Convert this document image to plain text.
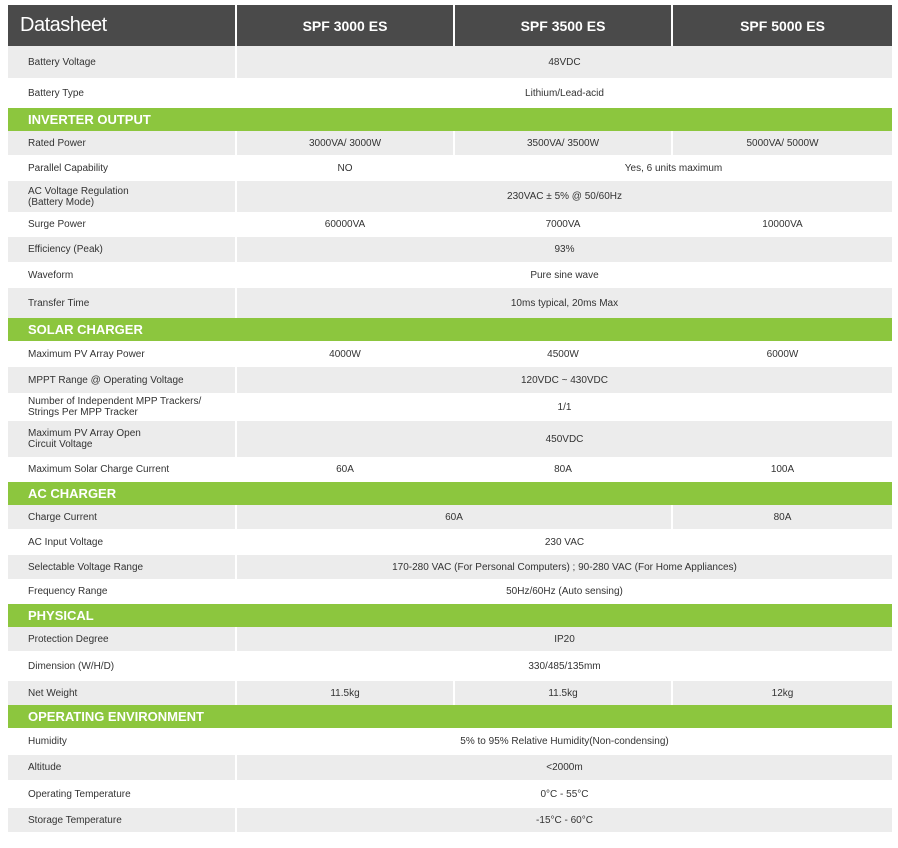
Datasheet	SPF 3000 ES	SPF 3500 ES	SPF 5000 ES
Battery Voltage	48VDC
Battery Type	Lithium/Lead-acid
INVERTER OUTPUT
Rated Power	3000VA/ 3000W	3500VA/ 3500W	5000VA/ 5000W
Parallel Capability	NO	Yes, 6 units maximum
AC Voltage Regulation
(Battery Mode)	230VAC ± 5% @ 50/60Hz
Surge Power	60000VA	7000VA	10000VA
Efficiency (Peak)	93%
Waveform	Pure sine wave
Transfer Time	10ms typical, 20ms Max
SOLAR CHARGER
Maximum PV Array Power	4000W	4500W	6000W
MPPT Range @ Operating Voltage	120VDC ~ 430VDC
Number of Independent MPP Trackers/
Strings Per MPP Tracker	1/1
Maximum PV Array Open
Circuit Voltage	450VDC
Maximum Solar Charge Current	60A	80A	100A
AC CHARGER
Charge Current	60A	80A
AC Input Voltage	230 VAC
Selectable Voltage Range	170-280 VAC (For Personal Computers) ; 90-280 VAC (For Home Appliances)
Frequency Range	50Hz/60Hz (Auto sensing)
PHYSICAL
Protection Degree	IP20
Dimension (W/H/D)	330/485/135mm
Net Weight	11.5kg	11.5kg	12kg
OPERATING ENVIRONMENT
Humidity	5% to 95% Relative Humidity(Non-condensing)
Altitude	<2000m
Operating Temperature	0°C - 55°C
Storage Temperature	-15°C - 60°C
